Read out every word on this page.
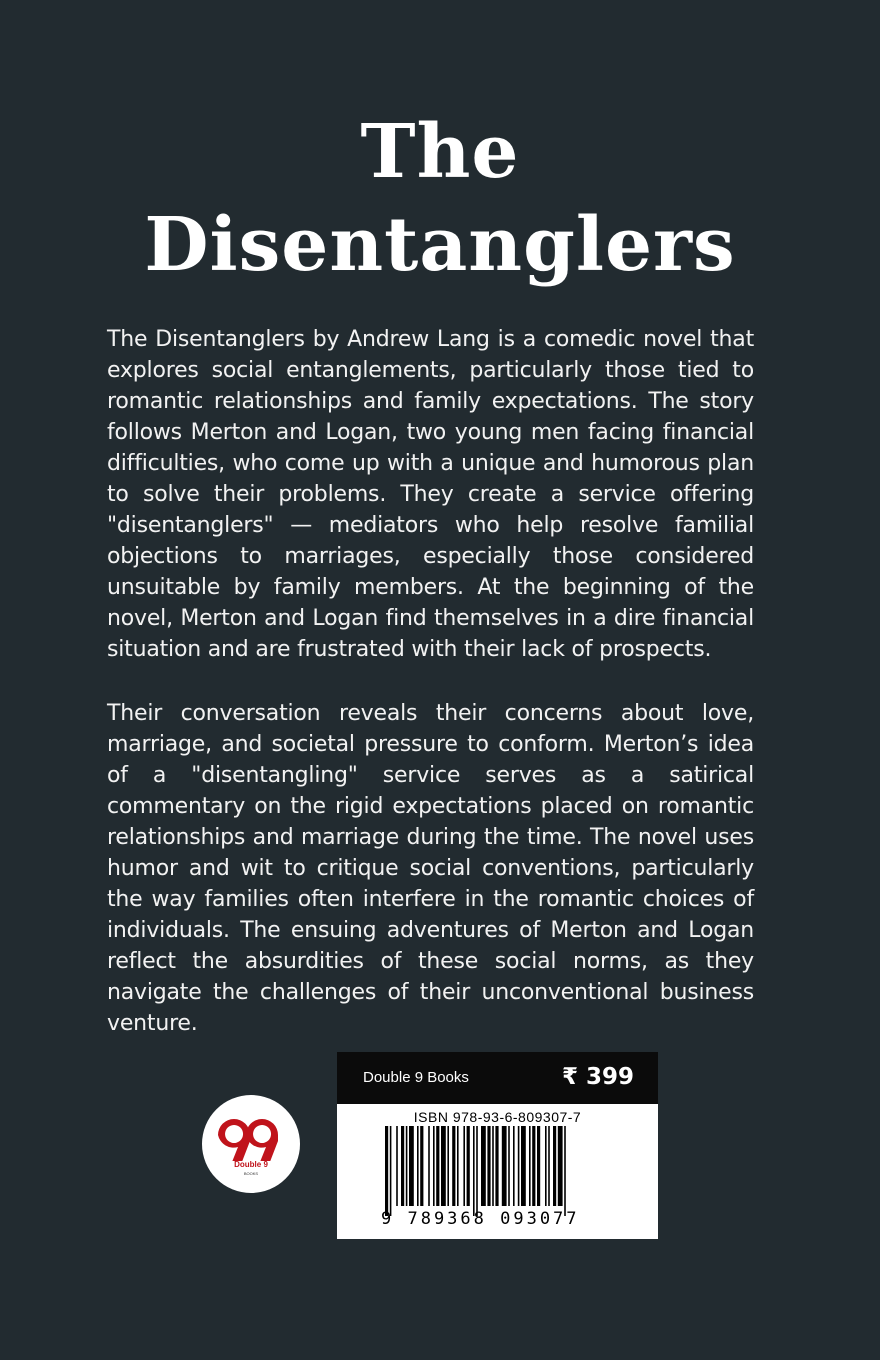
The
Disentanglers

The Disentanglers by Andrew Lang is a comedic novel that explores social entanglements, particularly those tied to romantic relationships and family expectations. The story follows Merton and Logan, two young men facing financial difficulties, who come up with a unique and humorous plan to solve their problems. They create a service offering "disentanglers" — mediators who help resolve familial objections to marriages, especially those considered unsuitable by family members. At the beginning of the novel, Merton and Logan find themselves in a dire financial situation and are frustrated with their lack of prospects.

Their conversation reveals their concerns about love, marriage, and societal pressure to conform. Merton’s idea of a "disentangling" service serves as a satirical commentary on the rigid expectations placed on romantic relationships and marriage during the time. The novel uses humor and wit to critique social conventions, particularly the way families often interfere in the romantic choices of individuals. The ensuing adventures of Merton and Logan reflect the absurdities of these social norms, as they navigate the challenges of their unconventional business venture.

Double 9
BOOKS
Double 9 Books	₹ 399
ISBN 978-93-6-809307-7
9 789368 093077
